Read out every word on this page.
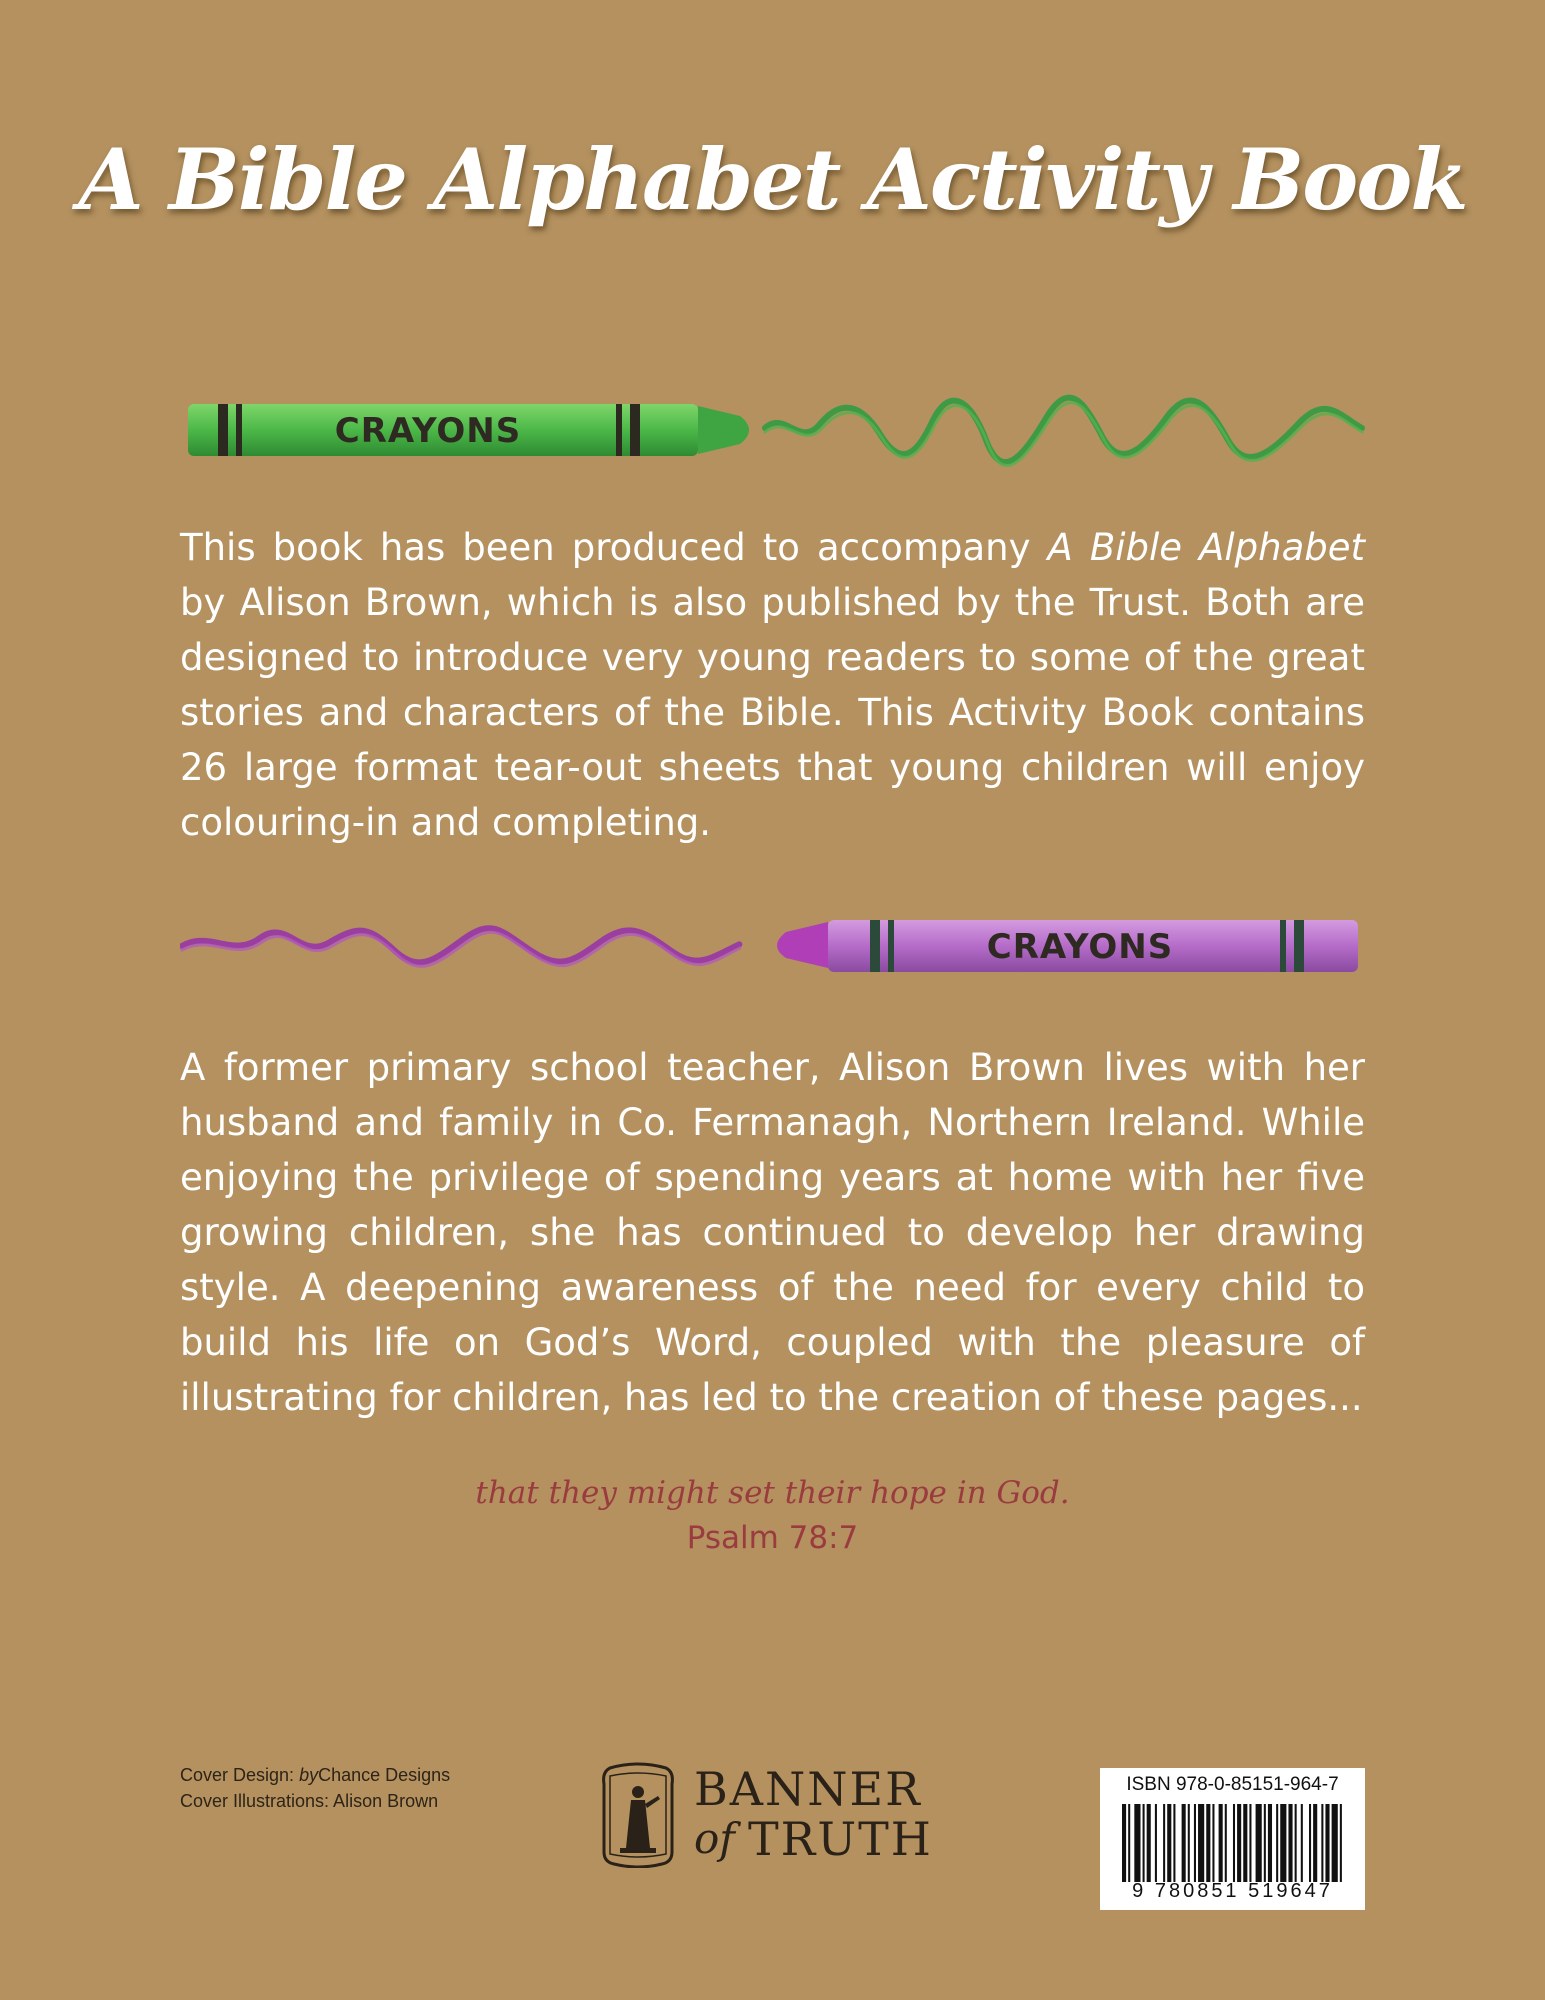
A Bible Alphabet Activity Book
CRAYONS

This book has been produced to accompany A Bible Alphabet by Alison Brown, which is also published by the Trust. Both are designed to introduce very young readers to some of the great stories and characters of the Bible. This Activity Book contains 26 large format tear-out sheets that young children will enjoy colouring-in and completing.

CRAYONS

A former primary school teacher, Alison Brown lives with her husband and family in Co. Fermanagh, Northern Ireland. While enjoying the privilege of spending years at home with her five growing children, she has continued to develop her drawing style. A deepening awareness of the need for every child to build his life on God’s Word, coupled with the pleasure of illustrating for children, has led to the creation of these pages...

that they might set their hope in God.
Psalm 78:7
Cover Design: byChance Designs
Cover Illustrations: Alison Brown	BANNER
of TRUTH
ISBN 978-0-85151-964-7
9 780851 519647
